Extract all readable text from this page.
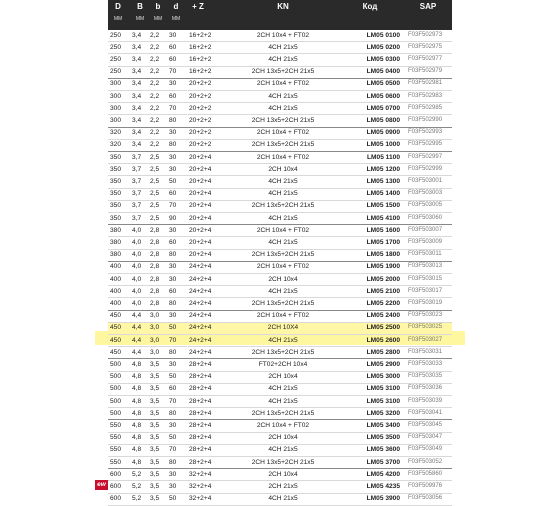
D	B	b	d	+ Z	KN	Код	SAP
MM	MM	MM	MM
250 3,4 2,2 30 16+2+2	2CH 10x4 + FT02	LM05 0100 F03F502973
250 3,4 2,2 60 16+2+2	4CH 21x5	LM05 0200 F03F502975
250 3,4 2,2 60 16+2+2	4CH 21x5	LM05 0300 F03F502977
250 3,4 2,2 70 16+2+2	2CH 13x5+2CH 21x5	LM05 0400 F03F502979
300 3,4 2,2 30 20+2+2	2CH 10x4 + FT02	LM05 0500 F03F502981
300 3,4 2,2 60 20+2+2	4CH 21x5	LM05 0600 F03F502983
300 3,4 2,2 70 20+2+2	4CH 21x5	LM05 0700 F03F502985
300 3,4 2,2 80 20+2+2	2CH 13x5+2CH 21x5	LM05 0800 F03F502990
320 3,4 2,2 30 20+2+2	2CH 10x4 + FT02	LM05 0900 F03F502993
320 3,4 2,2 80 20+2+2	2CH 13x5+2CH 21x5	LM05 1000 F03F502995
350 3,7 2,5 30 20+2+4	2CH 10x4 + FT02	LM05 1100 F03F502997
350 3,7 2,5 30 20+2+4	2CH 10x4	LM05 1200 F03F502999
350 3,7 2,5 50 20+2+4	4CH 21x5	LM05 1300 F03F503001
350 3,7 2,5 60 20+2+4	4CH 21x5	LM05 1400 F03F503003
350 3,7 2,5 70 20+2+4	2CH 13x5+2CH 21x5	LM05 1500 F03F503005
350 3,7 2,5 90 20+2+4	4CH 21x5	LM05 4100 F03F503060
380 4,0 2,8 30 20+2+4	2CH 10x4 + FT02	LM05 1600 F03F503007
380 4,0 2,8 60 20+2+4	4CH 21x5	LM05 1700 F03F503009
380 4,0 2,8 80 20+2+4	2CH 13x5+2CH 21x5	LM05 1800 F03F503011
400 4,0 2,8 30 24+2+4	2CH 10x4 + FT02	LM05 1900 F03F503013
400 4,0 2,8 30 24+2+4	2CH 10x4	LM05 2000 F03F503015
400 4,0 2,8 60 24+2+4	4CH 21x5	LM05 2100 F03F503017
400 4,0 2,8 80 24+2+4	2CH 13x5+2CH 21x5	LM05 2200 F03F503019
450 4,4 3,0 30 24+2+4	2CH 10x4 + FT02	LM05 2400 F03F503023
450 4,4 3,0 50 24+2+4	2CH 10X4	LM05 2500 F03F503025
450 4,4 3,0 70 24+2+4	4CH 21x5	LM05 2600 F03F503027
450 4,4 3,0 80 24+2+4	2CH 13x5+2CH 21x5	LM05 2800 F03F503031
500 4,8 3,5 30 28+2+4	FT02+2CH 10x4	LM05 2900 F03F503033
500 4,8 3,5 50 28+2+4	2CH 10x4	LM05 3000 F03F503035
500 4,8 3,5 60 28+2+4	4CH 21x5	LM05 3100 F03F503036
500 4,8 3,5 70 28+2+4	4CH 21x5	LM05 3100 F03F503039
500 4,8 3,5 80 28+2+4	2CH 13x5+2CH 21x5	LM05 3200 F03F503041
550 4,8 3,5 30 28+2+4	2CH 10x4 + FT02	LM05 3400 F03F503045
550 4,8 3,5 50 28+2+4	2CH 10x4	LM05 3500 F03F503047
550 4,8 3,5 70 28+2+4	4CH 21x5	LM05 3600 F03F503049
550 4,8 3,5 80 28+2+4	2CH 13x5+2CH 21x5	LM05 3700 F03F503052
600 5,2 3,5 30 32+2+4	2CH 10x4	LM05 4200 F03F505860
600 5,2 3,5 30 32+2+4	2CH 21x5	LM05 4235 F03F509976
600 5,2 3,5 50 32+2+4	4CH 21x5	LM05 3900 F03F503056
ew
